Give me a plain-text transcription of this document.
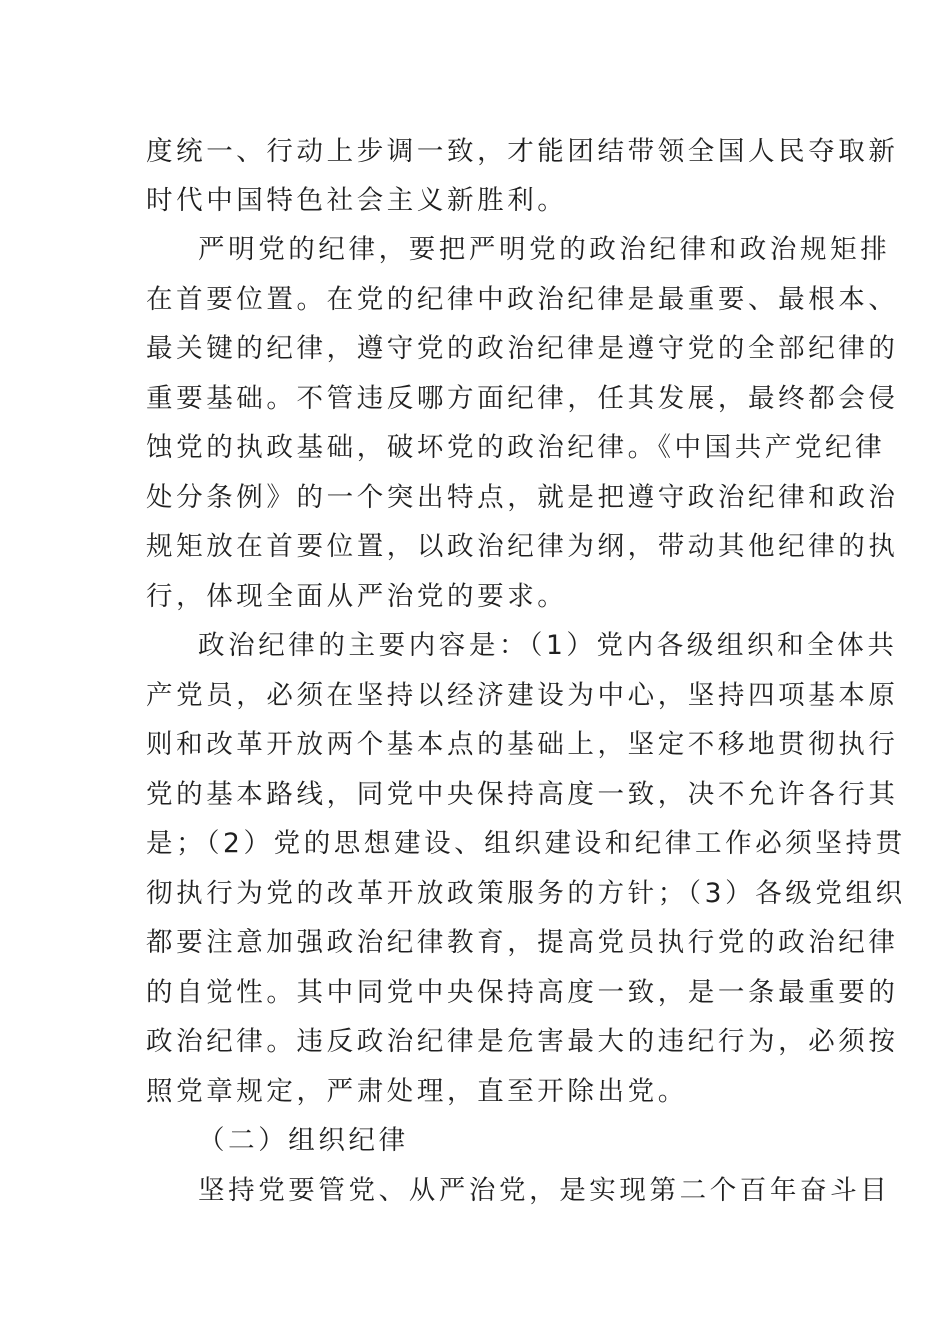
度统一、行动上步调一致，才能团结带领全国人民夺取新
时代中国特色社会主义新胜利。
严明党的纪律，要把严明党的政治纪律和政治规矩排
在首要位置。在党的纪律中政治纪律是最重要、最根本、
最关键的纪律，遵守党的政治纪律是遵守党的全部纪律的
重要基础。不管违反哪方面纪律，任其发展，最终都会侵
蚀党的执政基础，破坏党的政治纪律。《中国共产党纪律
处分条例》的一个突出特点，就是把遵守政治纪律和政治
规矩放在首要位置，以政治纪律为纲，带动其他纪律的执
行，体现全面从严治党的要求。
政治纪律的主要内容是：（1）党内各级组织和全体共
产党员，必须在坚持以经济建设为中心，坚持四项基本原
则和改革开放两个基本点的基础上，坚定不移地贯彻执行
党的基本路线，同党中央保持高度一致，决不允许各行其
是；（2）党的思想建设、组织建设和纪律工作必须坚持贯
彻执行为党的改革开放政策服务的方针；（3）各级党组织
都要注意加强政治纪律教育，提高党员执行党的政治纪律
的自觉性。其中同党中央保持高度一致，是一条最重要的
政治纪律。违反政治纪律是危害最大的违纪行为，必须按
照党章规定，严肃处理，直至开除出党。
（二）组织纪律
坚持党要管党、从严治党，是实现第二个百年奋斗目
